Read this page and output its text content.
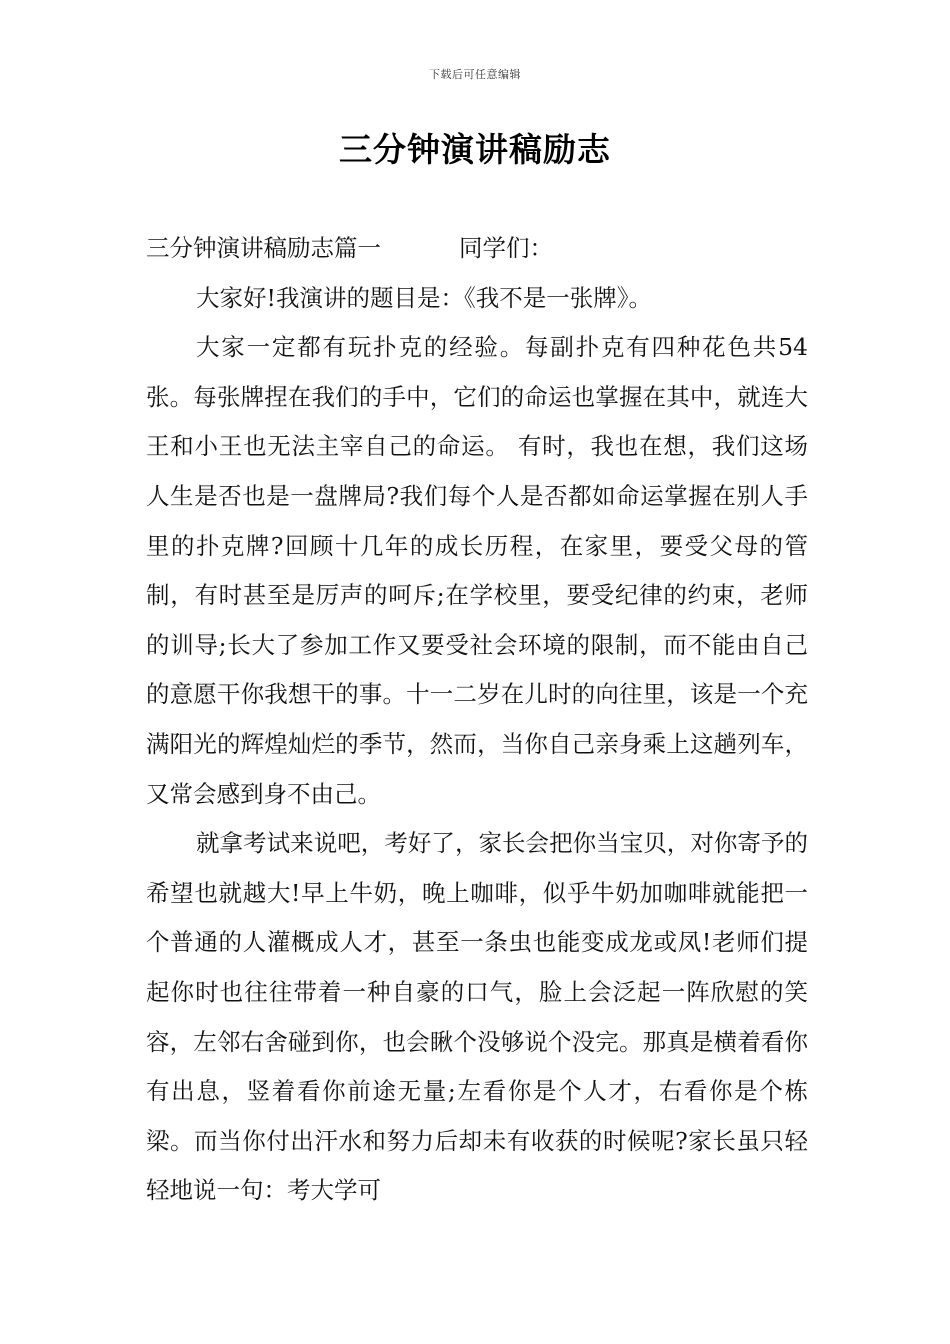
下载后可任意编辑
三分钟演讲稿励志

三分钟演讲稿励志篇一	同学们：

大家好!我演讲的题目是：《我不是一张牌》。

大家一定都有玩扑克的经验。每副扑克有四种花色共54张。每张牌捏在我们的手中，它们的命运也掌握在其中，就连大王和小王也无法主宰自己的命运。 有时，我也在想，我们这场人生是否也是一盘牌局?我们每个人是否都如命运掌握在别人手里的扑克牌?回顾十几年的成长历程，在家里，要受父母的管制，有时甚至是厉声的呵斥;在学校里，要受纪律的约束，老师的训导;长大了参加工作又要受社会环境的限制，而不能由自己的意愿干你我想干的事。十一二岁在儿时的向往里，该是一个充满阳光的辉煌灿烂的季节，然而，当你自己亲身乘上这趟列车，又常会感到身不由己。

就拿考试来说吧，考好了，家长会把你当宝贝，对你寄予的希望也就越大!早上牛奶，晚上咖啡，似乎牛奶加咖啡就能把一个普通的人灌概成人才，甚至一条虫也能变成龙或凤!老师们提起你时也往往带着一种自豪的口气，脸上会泛起一阵欣慰的笑容，左邻右舍碰到你，也会瞅个没够说个没完。那真是横着看你有出息，竖着看你前途无量;左看你是个人才，右看你是个栋梁。而当你付出汗水和努力后却未有收获的时候呢?家长虽只轻轻地说一句：考大学可
